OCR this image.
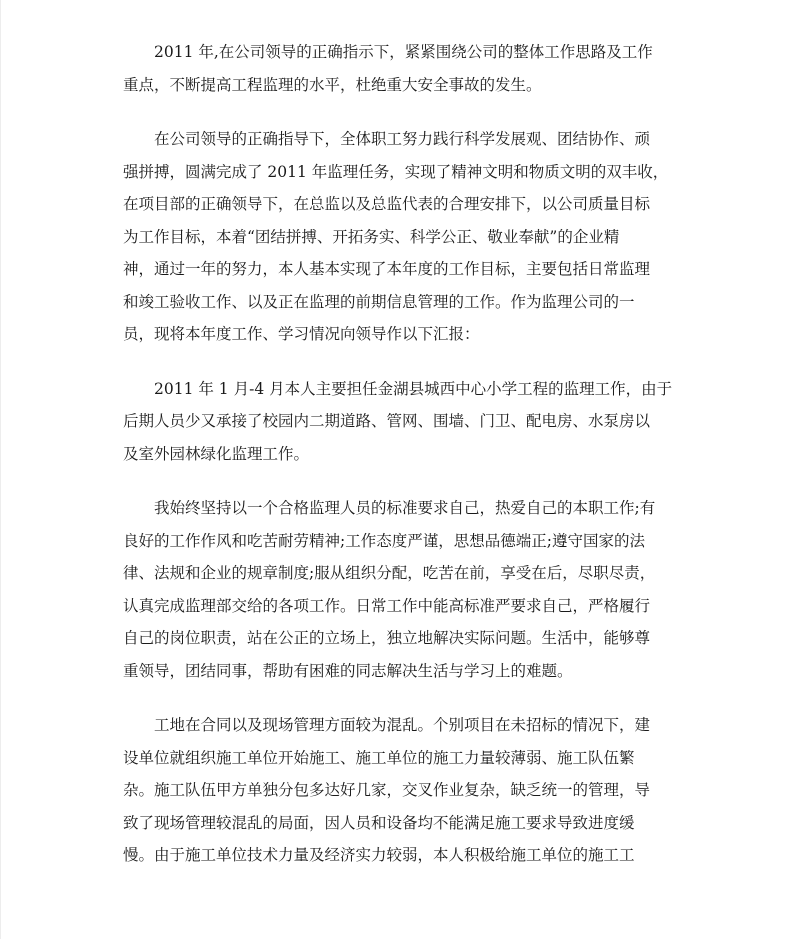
2011 年,在公司领导的正确指示下，紧紧围绕公司的整体工作思路及工作
重点，不断提高工程监理的水平，杜绝重大安全事故的发生。

在公司领导的正确指导下，全体职工努力践行科学发展观、团结协作、顽
强拼搏，圆满完成了 2011 年监理任务，实现了精神文明和物质文明的双丰收，
在项目部的正确领导下，在总监以及总监代表的合理安排下，以公司质量目标
为工作目标，本着“团结拼搏、开拓务实、科学公正、敬业奉献”的企业精
神，通过一年的努力，本人基本实现了本年度的工作目标，主要包括日常监理
和竣工验收工作、以及正在监理的前期信息管理的工作。作为监理公司的一
员，现将本年度工作、学习情况向领导作以下汇报：

2011 年 1 月-4 月本人主要担任金湖县城西中心小学工程的监理工作，由于
后期人员少又承接了校园内二期道路、管网、围墙、门卫、配电房、水泵房以
及室外园林绿化监理工作。

我始终坚持以一个合格监理人员的标准要求自己，热爱自己的本职工作;有
良好的工作作风和吃苦耐劳精神;工作态度严谨，思想品德端正;遵守国家的法
律、法规和企业的规章制度;服从组织分配，吃苦在前，享受在后，尽职尽责，
认真完成监理部交给的各项工作。日常工作中能高标准严要求自己，严格履行
自己的岗位职责，站在公正的立场上，独立地解决实际问题。生活中，能够尊
重领导，团结同事，帮助有困难的同志解决生活与学习上的难题。

工地在合同以及现场管理方面较为混乱。个别项目在未招标的情况下，建
设单位就组织施工单位开始施工、施工单位的施工力量较薄弱、施工队伍繁
杂。施工队伍甲方单独分包多达好几家，交叉作业复杂，缺乏统一的管理，导
致了现场管理较混乱的局面，因人员和设备均不能满足施工要求导致进度缓
慢。由于施工单位技术力量及经济实力较弱，本人积极给施工单位的施工工
